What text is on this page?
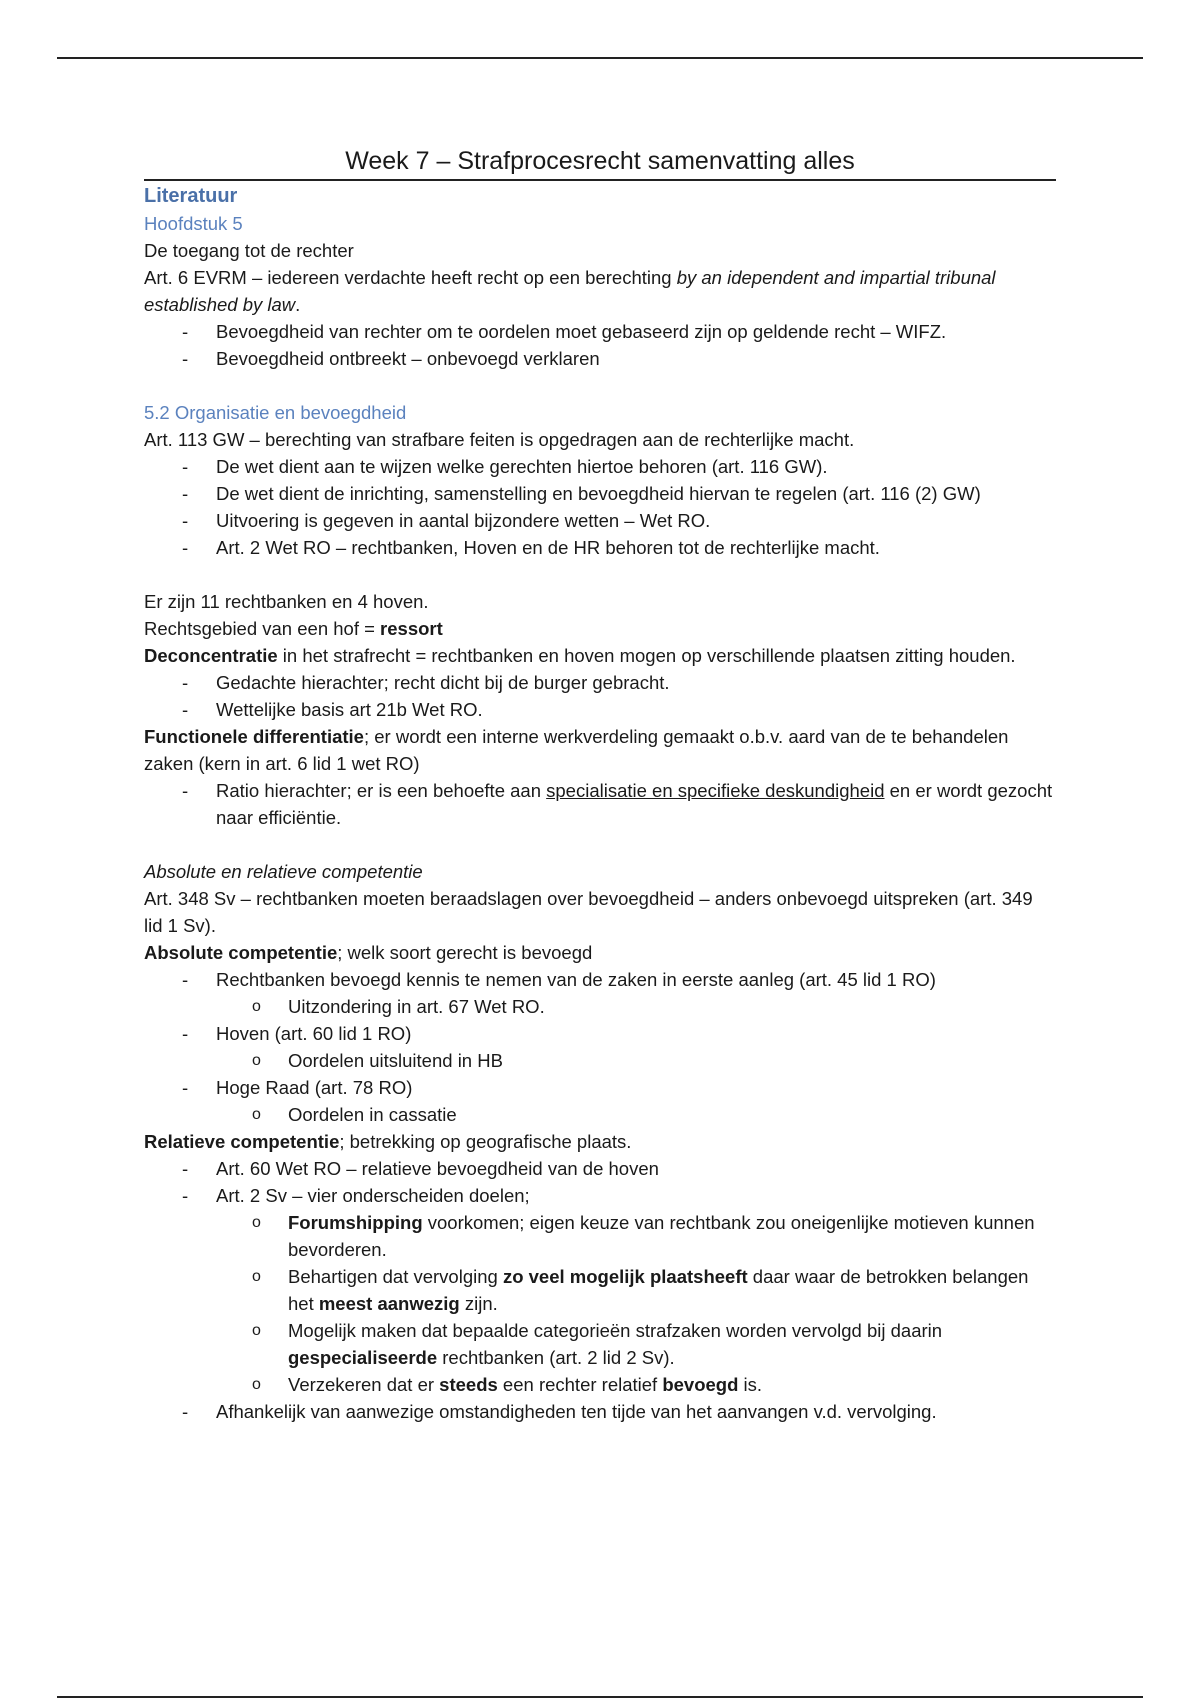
Week 7 – Strafprocesrecht samenvatting alles
Literatuur
Hoofdstuk 5

De toegang tot de rechter

Art. 6 EVRM – iedereen verdachte heeft recht op een berechting by an idependent and impartial tribunal established by law.

- Bevoegdheid van rechter om te oordelen moet gebaseerd zijn op geldende recht – WIFZ.
- Bevoegdheid ontbreekt – onbevoegd verklaren
5.2 Organisatie en bevoegdheid

Art. 113 GW – berechting van strafbare feiten is opgedragen aan de rechterlijke macht.

- De wet dient aan te wijzen welke gerechten hiertoe behoren (art. 116 GW).
- De wet dient de inrichting, samenstelling en bevoegdheid hiervan te regelen (art. 116 (2) GW)
- Uitvoering is gegeven in aantal bijzondere wetten – Wet RO.
- Art. 2 Wet RO – rechtbanken, Hoven en de HR behoren tot de rechterlijke macht.

Er zijn 11 rechtbanken en 4 hoven.

Rechtsgebied van een hof = ressort

Deconcentratie in het strafrecht = rechtbanken en hoven mogen op verschillende plaatsen zitting houden.

- Gedachte hierachter; recht dicht bij de burger gebracht.
- Wettelijke basis art 21b Wet RO.

Functionele differentiatie; er wordt een interne werkverdeling gemaakt o.b.v. aard van de te behandelen zaken (kern in art. 6 lid 1 wet RO)

- Ratio hierachter; er is een behoefte aan specialisatie en specifieke deskundigheid en er wordt gezocht naar efficiëntie.

Absolute en relatieve competentie

Art. 348 Sv – rechtbanken moeten beraadslagen over bevoegdheid – anders onbevoegd uitspreken (art. 349 lid 1 Sv).

Absolute competentie; welk soort gerecht is bevoegd

- Rechtbanken bevoegd kennis te nemen van de zaken in eerste aanleg (art. 45 lid 1 RO)
o Uitzondering in art. 67 Wet RO.
- Hoven (art. 60 lid 1 RO)
o Oordelen uitsluitend in HB
- Hoge Raad (art. 78 RO)
o Oordelen in cassatie

Relatieve competentie; betrekking op geografische plaats.

- Art. 60 Wet RO – relatieve bevoegdheid van de hoven
- Art. 2 Sv – vier onderscheiden doelen;
o Forumshipping voorkomen; eigen keuze van rechtbank zou oneigenlijke motieven kunnen bevorderen.
o Behartigen dat vervolging zo veel mogelijk plaatsheeft daar waar de betrokken belangen het meest aanwezig zijn.
o Mogelijk maken dat bepaalde categorieën strafzaken worden vervolgd bij daarin gespecialiseerde rechtbanken (art. 2 lid 2 Sv).
o Verzekeren dat er steeds een rechter relatief bevoegd is.
- Afhankelijk van aanwezige omstandigheden ten tijde van het aanvangen v.d. vervolging.
